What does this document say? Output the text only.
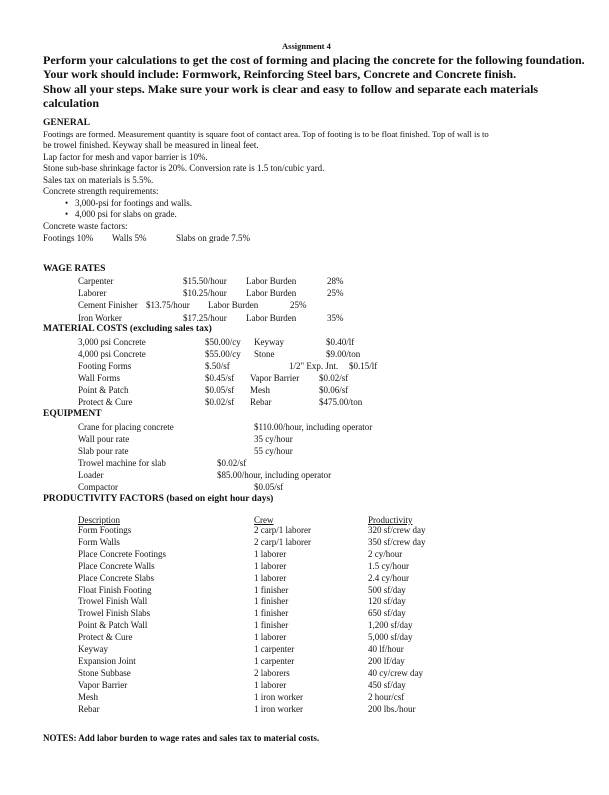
Assignment 4
Perform your calculations to get the cost of forming and placing the concrete for the following foundation.
Your work should include: Formwork, Reinforcing Steel bars, Concrete and Concrete finish.
Show all your steps. Make sure your work is clear and easy to follow and separate each materials
calculation
GENERAL
Footings are formed. Measurement quantity is square foot of contact area. Top of footing is to be float finished. Top of wall is to
be trowel finished. Keyway shall be measured in lineal feet.
Lap factor for mesh and vapor barrier is 10%.
Stone sub-base shrinkage factor is 20%. Conversion rate is 1.5 ton/cubic yard.
Sales tax on materials is 5.5%.
Concrete strength requirements:
• 3,000-psi for footings and walls.
• 4,000 psi for slabs on grade.
Concrete waste factors:
Footings 10% Walls 5%	Slabs on grade 7.5%
WAGE RATES
Carpenter	$15.50/hour Labor Burden	28%
Laborer	$10.25/hour Labor Burden	25%
Cement Finisher $13.75/hour Labor Burden	25%
Iron Worker	$17.25/hour Labor Burden	35%
MATERIAL COSTS (excluding sales tax)
3,000 psi Concrete	$50.00/cy Keyway	$0.40/lf
4,000 psi Concrete	$55.00/cy Stone	$9.00/ton
Footing Forms	$.50/sf	1/2" Exp. Jnt. $0.15/lf
Wall Forms	$0.45/sf Vapor Barrier $0.02/sf
Point & Patch	$0.05/sf Mesh	$0.06/sf
Protect & Cure	$0.02/sf Rebar	$475.00/ton
EQUIPMENT
Crane for placing concrete	$110.00/hour, including operator
Wall pour rate	35 cy/hour
Slab pour rate	55 cy/hour
Trowel machine for slab	$0.02/sf
Loader	$85.00/hour, including operator
Compactor	$0.05/sf
PRODUCTIVITY FACTORS (based on eight hour days)
Description	Crew	Productivity
Form Footings	2 carp/1 laborer	320 sf/crew day
Form Walls	2 carp/1 laborer	350 sf/crew day
Place Concrete Footings	1 laborer	2 cy/hour
Place Concrete Walls	1 laborer	1.5 cy/hour
Place Concrete Slabs	1 laborer	2.4 cy/hour
Float Finish Footing	1 finisher	500 sf/day
Trowel Finish Wall	1 finisher	120 sf/day
Trowel Finish Slabs	1 finisher	650 sf/day
Point & Patch Wall	1 finisher	1,200 sf/day
Protect & Cure	1 laborer	5,000 sf/day
Keyway	1 carpenter	40 lf/hour
Expansion Joint	1 carpenter	200 lf/day
Stone Subbase	2 laborers	40 cy/crew day
Vapor Barrier	1 laborer	450 sf/day
Mesh	1 iron worker	2 hour/csf
Rebar	1 iron worker	200 lbs./hour
NOTES: Add labor burden to wage rates and sales tax to material costs.
